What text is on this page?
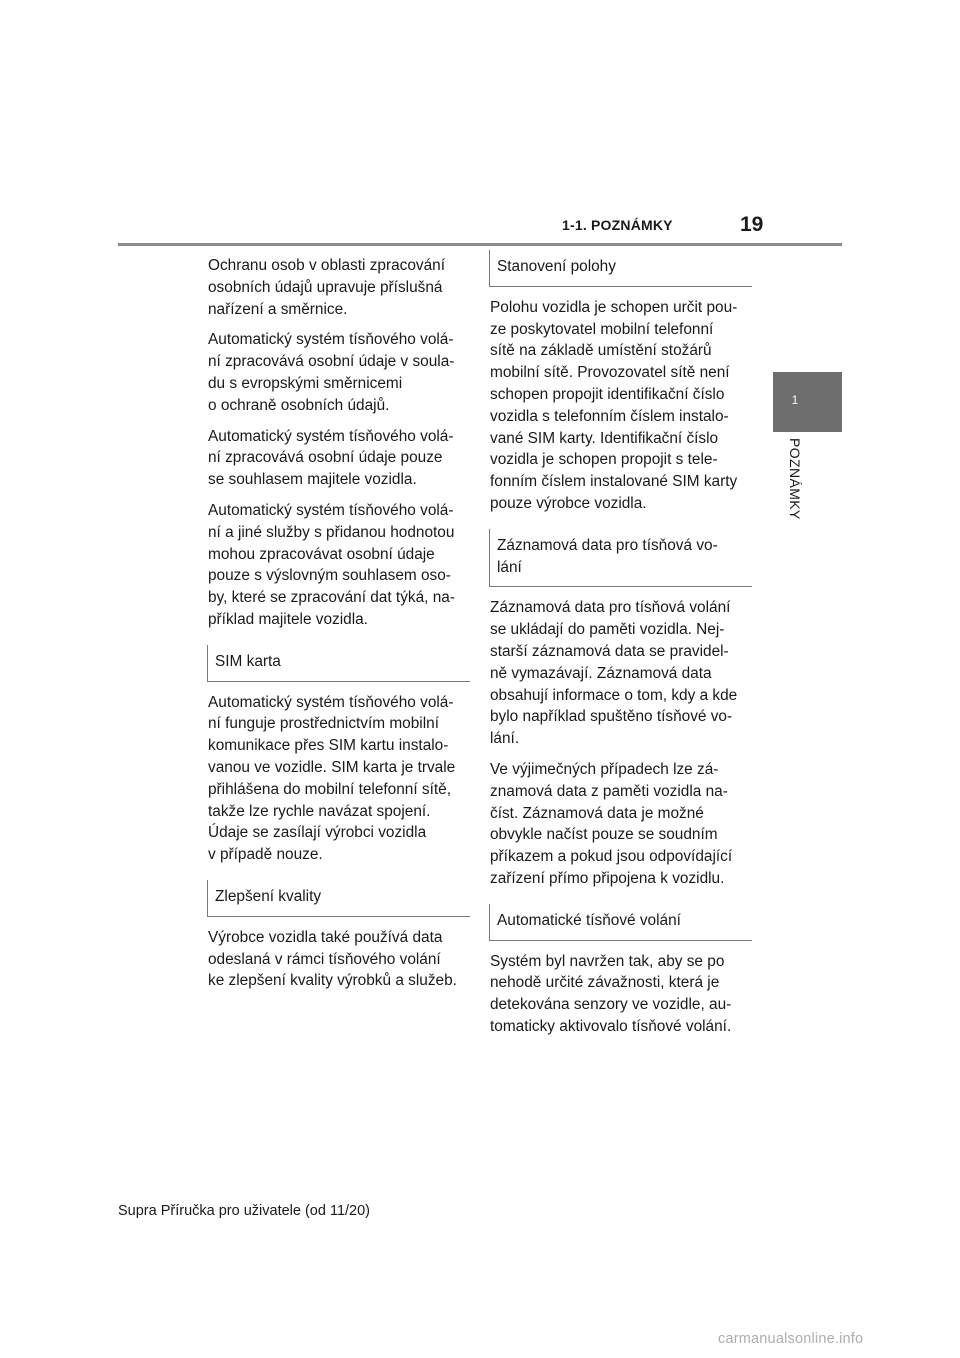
1-1. POZNÁMKY	19
1
POZNÁMKY

Ochranu osob v oblasti zpracování
osobních údajů upravuje příslušná
nařízení a směrnice.

Automatický systém tísňového volá-
ní zpracovává osobní údaje v soula-
du s evropskými směrnicemi
o ochraně osobních údajů.

Automatický systém tísňového volá-
ní zpracovává osobní údaje pouze
se souhlasem majitele vozidla.

Automatický systém tísňového volá-
ní a jiné služby s přidanou hodnotou
mohou zpracovávat osobní údaje
pouze s výslovným souhlasem oso-
by, které se zpracování dat týká, na-
příklad majitele vozidla.

SIM karta

Automatický systém tísňového volá-
ní funguje prostřednictvím mobilní
komunikace přes SIM kartu instalo-
vanou ve vozidle. SIM karta je trvale
přihlášena do mobilní telefonní sítě,
takže lze rychle navázat spojení.
Údaje se zasílají výrobci vozidla
v případě nouze.

Zlepšení kvality

Výrobce vozidla také používá data
odeslaná v rámci tísňového volání
ke zlepšení kvality výrobků a služeb.

Stanovení polohy

Polohu vozidla je schopen určit pou-
ze poskytovatel mobilní telefonní
sítě na základě umístění stožárů
mobilní sítě. Provozovatel sítě není
schopen propojit identifikační číslo
vozidla s telefonním číslem instalo-
vané SIM karty. Identifikační číslo
vozidla je schopen propojit s tele-
fonním číslem instalované SIM karty
pouze výrobce vozidla.

Záznamová data pro tísňová vo-
lání

Záznamová data pro tísňová volání
se ukládají do paměti vozidla. Nej-
starší záznamová data se pravidel-
ně vymazávají. Záznamová data
obsahují informace o tom, kdy a kde
bylo například spuštěno tísňové vo-
lání.

Ve výjimečných případech lze zá-
znamová data z paměti vozidla na-
číst. Záznamová data je možné
obvykle načíst pouze se soudním
příkazem a pokud jsou odpovídající
zařízení přímo připojena k vozidlu.

Automatické tísňové volání

Systém byl navržen tak, aby se po
nehodě určité závažnosti, která je
detekována senzory ve vozidle, au-
tomaticky aktivovalo tísňové volání.

Supra Příručka pro uživatele (od 11/20)
carmanualsonline.info
